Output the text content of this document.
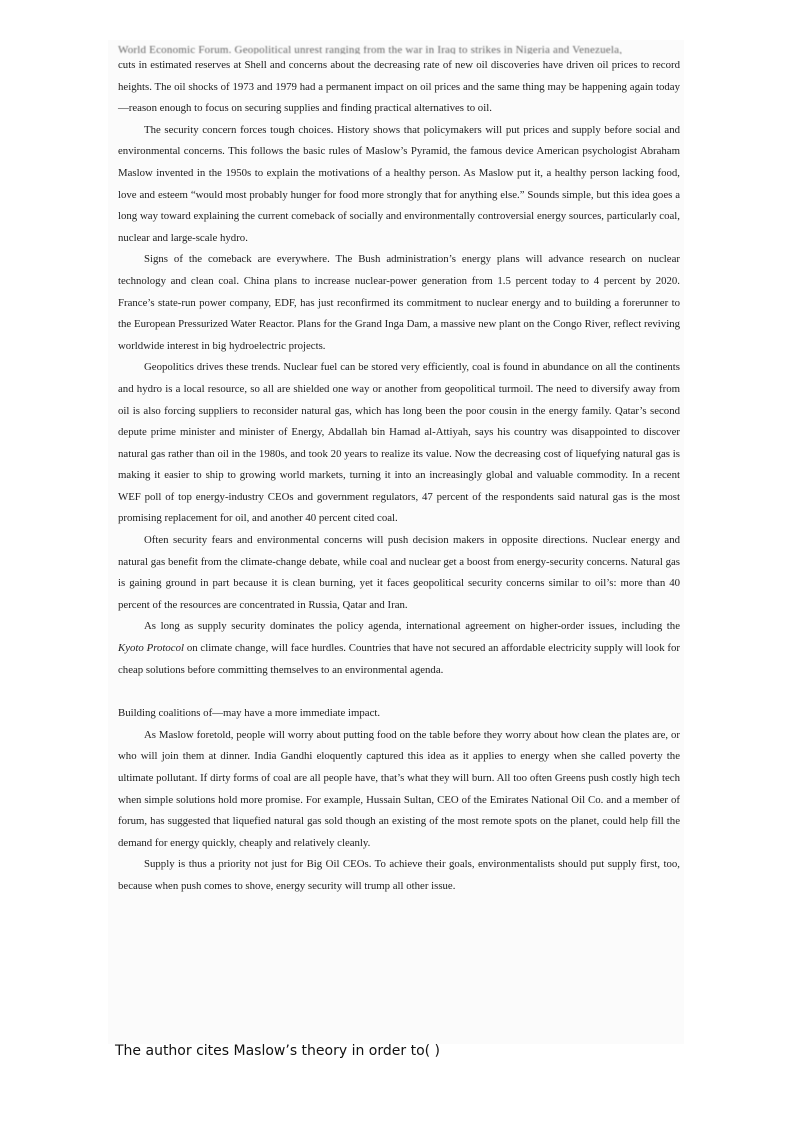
World Economic Forum. Geopolitical unrest ranging from the war in Iraq to strikes in Nigeria and Venezuela,

cuts in estimated reserves at Shell and concerns about the decreasing rate of new oil discoveries have driven oil prices to record heights. The oil shocks of 1973 and 1979 had a permanent impact on oil prices and the same thing may be happening again today—reason enough to focus on securing supplies and finding practical alternatives to oil.

The security concern forces tough choices. History shows that policymakers will put prices and supply before social and environmental concerns. This follows the basic rules of Maslow’s Pyramid, the famous device American psychologist Abraham Maslow invented in the 1950s to explain the motivations of a healthy person. As Maslow put it, a healthy person lacking food, love and esteem “would most probably hunger for food more strongly that for anything else.” Sounds simple, but this idea goes a long way toward explaining the current comeback of socially and environmentally controversial energy sources, particularly coal, nuclear and large-scale hydro.

Signs of the comeback are everywhere. The Bush administration’s energy plans will advance research on nuclear technology and clean coal. China plans to increase nuclear-power generation from 1.5 percent today to 4 percent by 2020. France’s state-run power company, EDF, has just reconfirmed its commitment to nuclear energy and to building a forerunner to the European Pressurized Water Reactor. Plans for the Grand Inga Dam, a massive new plant on the Congo River, reflect reviving worldwide interest in big hydroelectric projects.

Geopolitics drives these trends. Nuclear fuel can be stored very efficiently, coal is found in abundance on all the continents and hydro is a local resource, so all are shielded one way or another from geopolitical turmoil. The need to diversify away from oil is also forcing suppliers to reconsider natural gas, which has long been the poor cousin in the energy family. Qatar’s second depute prime minister and minister of Energy, Abdallah bin Hamad al-Attiyah, says his country was disappointed to discover natural gas rather than oil in the 1980s, and took 20 years to realize its value. Now the decreasing cost of liquefying natural gas is making it easier to ship to growing world markets, turning it into an increasingly global and valuable commodity. In a recent WEF poll of top energy-industry CEOs and government regulators, 47 percent of the respondents said natural gas is the most promising replacement for oil, and another 40 percent cited coal.

Often security fears and environmental concerns will push decision makers in opposite directions. Nuclear energy and natural gas benefit from the climate-change debate, while coal and nuclear get a boost from energy-security concerns. Natural gas is gaining ground in part because it is clean burning, yet it faces geopolitical security concerns similar to oil’s: more than 40 percent of the resources are concentrated in Russia, Qatar and Iran.

As long as supply security dominates the policy agenda, international agreement on higher-order issues, including the Kyoto Protocol on climate change, will face hurdles. Countries that have not secured an affordable electricity supply will look for cheap solutions before committing themselves to an environmental agenda.

Building coalitions of—may have a more immediate impact.

As Maslow foretold, people will worry about putting food on the table before they worry about how clean the plates are, or who will join them at dinner. India Gandhi eloquently captured this idea as it applies to energy when she called poverty the ultimate pollutant. If dirty forms of coal are all people have, that’s what they will burn. All too often Greens push costly high tech when simple solutions hold more promise. For example, Hussain Sultan, CEO of the Emirates National Oil Co. and a member of forum, has suggested that liquefied natural gas sold though an existing of the most remote spots on the planet, could help fill the demand for energy quickly, cheaply and relatively cleanly.

Supply is thus a priority not just for Big Oil CEOs. To achieve their goals, environmentalists should put supply first, too, because when push comes to shove, energy security will trump all other issue.

The author cites Maslow’s theory in order to( )
